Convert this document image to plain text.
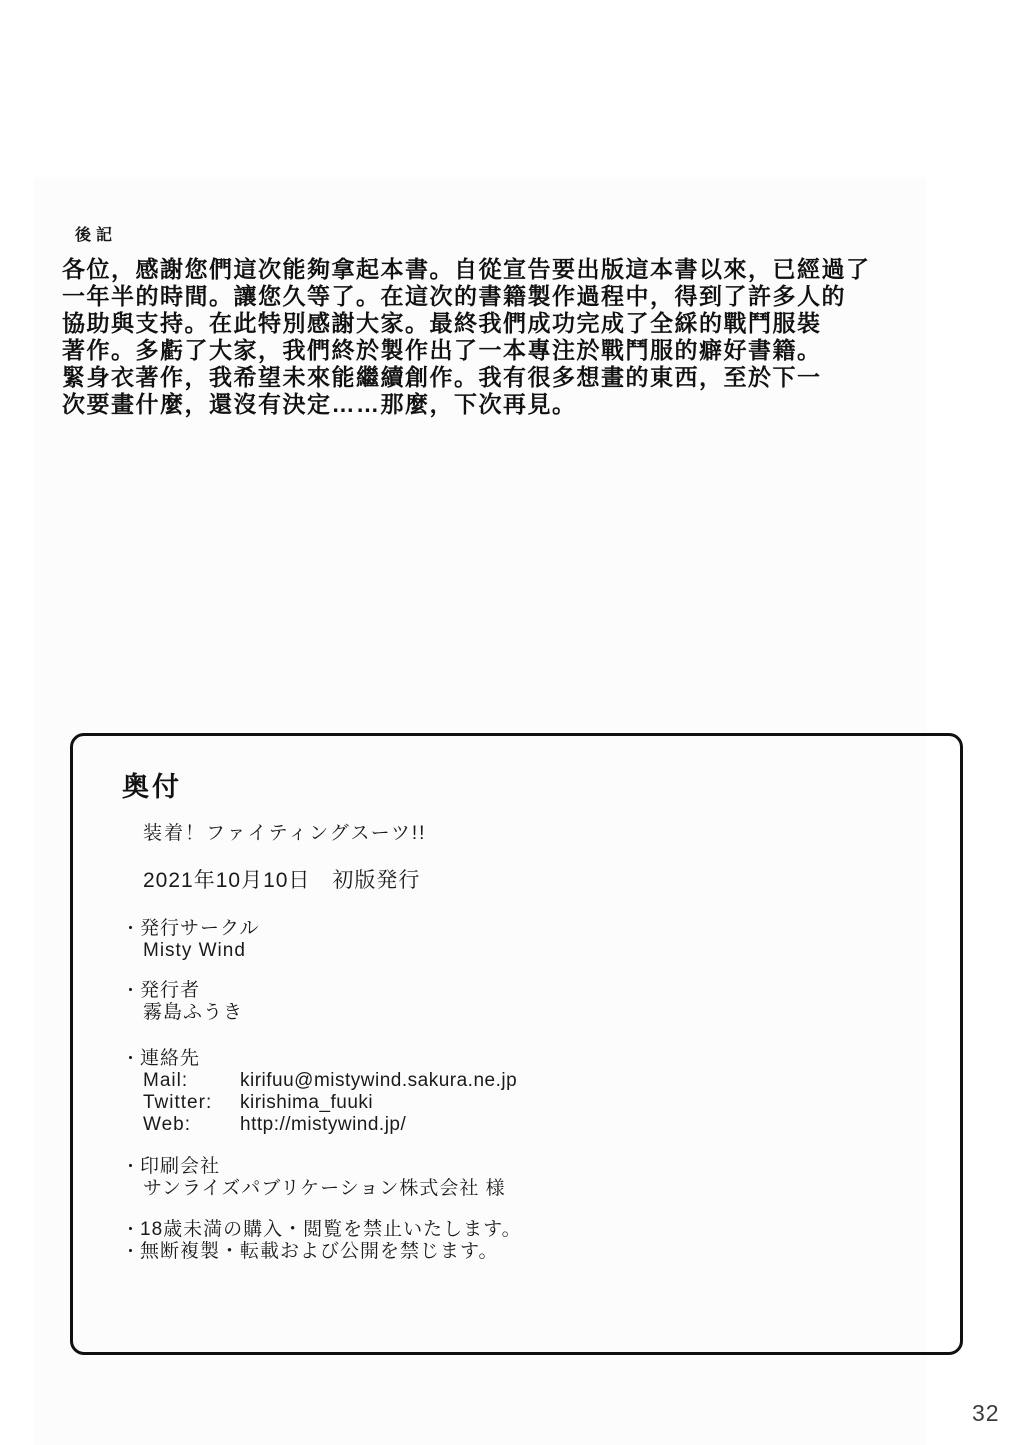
後記
各位，感謝您們這次能夠拿起本書。自從宣告要出版這本書以來，已經過了
一年半的時間。讓您久等了。在這次的書籍製作過程中，得到了許多人的
協助與支持。在此特別感謝大家。最終我們成功完成了全綵的戰鬥服裝
著作。多虧了大家，我們終於製作出了一本專注於戰鬥服的癖好書籍。
緊身衣著作，我希望未來能繼續創作。我有很多想畫的東西，至於下一
次要畫什麼，還沒有決定……那麼，下次再見。
奥付
装着！ファイティングスーツ!!
2021年10月10日　初版発行
・ 発行サークル
Misty Wind
・ 発行者
霧島ふうき
・ 連絡先
Mail:	kirifuu@mistywind.sakura.ne.jp
Twitter:	kirishima_fuuki
Web:	http://mistywind.jp/
・ 印刷会社
サンライズパブリケーション株式会社 様
・ 18歳未満の購入・閲覧を禁止いたします。
・ 無断複製・転載および公開を禁じます。
32
